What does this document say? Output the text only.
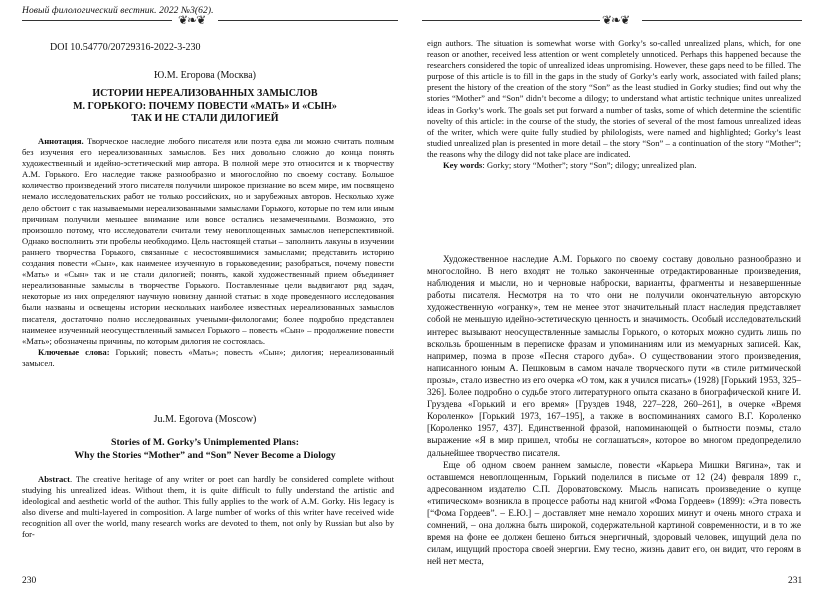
Новый филологический вестник. 2022 №3(62).
❦❧❦
DOI 10.54770/20729316-2022-3-230
Ю.М. Егорова (Москва)
ИСТОРИИ НЕРЕАЛИЗОВАННЫХ ЗАМЫСЛОВ
М. ГОРЬКОГО: ПОЧЕМУ ПОВЕСТИ «МАТЬ» И «СЫН»
ТАК И НЕ СТАЛИ ДИЛОГИЕЙ

Аннотация. Творческое наследие любого писателя или поэта едва ли можно считать полным без изучения его нереализованных замыслов. Без них довольно сложно до конца понять художественный и идейно-эстетический мир автора. В полной мере это относится и к творчеству А.М. Горького. Его наследие также разнообразно и многослойно по своему составу. Большое количество произведений этого писателя получили широкое признание во всем мире, им посвящено немало исследовательских работ не только российских, но и зарубежных авторов. Несколько хуже дело обстоит с так называемыми нереализованными замыслами Горького, которые по тем или иным причинам получили меньшее внимание или вовсе остались незамеченными. Возможно, это произошло потому, что исследователи считали тему невоплощенных замыслов неперспективной. Однако восполнить эти пробелы необходимо. Цель настоящей статьи – заполнить лакуны в изучении раннего творчества Горького, связанные с несостоявшимися замыслами; представить историю создания повести «Сын», как наименее изученную в горьковедении; разобраться, почему повести «Мать» и «Сын» так и не стали дилогией; понять, какой художественный прием объединяет нереализованные замыслы в творчестве Горького. Поставленные цели выдвигают ряд задач, некоторые из них определяют научную новизну данной статьи: в ходе проведенного исследования были названы и освещены истории нескольких наиболее известных нереализованных замыслов писателя, достаточно полно исследованных учеными-филологами; более подробно представлен наименее изученный неосуществленный замысел Горького – повесть «Сын» – продолжение повести «Мать»; обозначены причины, по которым дилогия не состоялась.

Ключевые слова: Горький; повесть «Мать»; повесть «Сын»; дилогия; нереализованный замысел.

Ju.M. Egorova (Moscow)
Stories of M. Gorky’s Unimplemented Plans:
Why the Stories “Mother” and “Son” Never Become a Diology

Abstract. The creative heritage of any writer or poet can hardly be considered complete without studying his unrealized ideas. Without them, it is quite difficult to fully understand the artistic and ideological and aesthetic world of the author. This fully applies to the work of A.M. Gorky. His legacy is also diverse and multi-layered in composition. A large number of works of this writer have received wide recognition all over the world, many research works are devoted to them, not only by Russian but also by for-

230
❦❧❦

eign authors. The situation is somewhat worse with Gorky’s so-called unrealized plans, which, for one reason or another, received less attention or went completely unnoticed. Perhaps this happened because the researchers considered the topic of unrealized ideas unpromising. However, these gaps need to be filled. The purpose of this article is to fill in the gaps in the study of Gorky’s early work, associated with failed plans; present the history of the creation of the story “Son” as the least studied in Gorky studies; find out why the stories “Mother” and “Son” didn’t become a dilogy; to understand what artistic technique unites unrealized ideas in Gorky’s work. The goals set put forward a number of tasks, some of which determine the scientific novelty of this article: in the course of the study, the stories of several of the most famous unrealized ideas of the writer, which were quite fully studied by philologists, were named and highlighted; Gorky’s least studied unrealized plan is presented in more detail – the story “Son” – a continuation of the story “Mother”; the reasons why the dilogy did not take place are indicated.

Key words: Gorky; story “Mother”; story “Son”; dilogy; unrealized plan.

Художественное наследие А.М. Горького по своему составу довольно разнообразно и многослойно. В него входят не только законченные отредактированные произведения, наблюдения и мысли, но и черновые наброски, варианты, фрагменты и незавершенные работы писателя. Несмотря на то что они не получили окончательную авторскую художественную «огранку», тем не менее этот значительный пласт наследия представляет собой не меньшую идейно-эстетическую ценность и значимость. Особый исследовательский интерес вызывают неосуществленные замыслы Горького, о которых можно судить лишь по вскользь брошенным в переписке фразам и упоминаниям или из мемуарных записей. Как, например, поэма в прозе «Песня старого дуба». О существовании этого произведения, написанного юным А. Пешковым в самом начале творческого пути «в стиле ритмической прозы», стало известно из его очерка «О том, как я учился писать» (1928) [Горький 1953, 325–326]. Более подробно о судьбе этого литературного опыта сказано в биографической книге И. Груздева «Горький и его время» [Груздев 1948, 227–228, 260–261], в очерке «Время Короленко» [Горький 1973, 167–195], а также в воспоминаниях самого В.Г. Короленко [Короленко 1957, 437]. Единственной фразой, напоминающей о бытности поэмы, стало выражение «Я в мир пришел, чтобы не соглашаться», которое во многом предопределило дальнейшее творчество писателя.

Еще об одном своем раннем замысле, повести «Карьера Мишки Вягина», так и оставшемся невоплощенным, Горький поделился в письме от 12 (24) февраля 1899 г., адресованном издателю С.П. Дороватовскому. Мысль написать произведение о купце «типическом» возникла в процессе работы над книгой «Фома Гордеев» (1899): «Эта повесть [“Фома Гордеев”. – Е.Ю.] – доставляет мне немало хороших минут и очень много страха и сомнений, – она должна быть широкой, содержательной картиной современности, и в то же время на фоне ее должен бешено биться энергичный, здоровый человек, ищущий дела по силам, ищущий простора своей энергии. Ему тесно, жизнь давит его, он видит, что героям в ней нет места,

231
